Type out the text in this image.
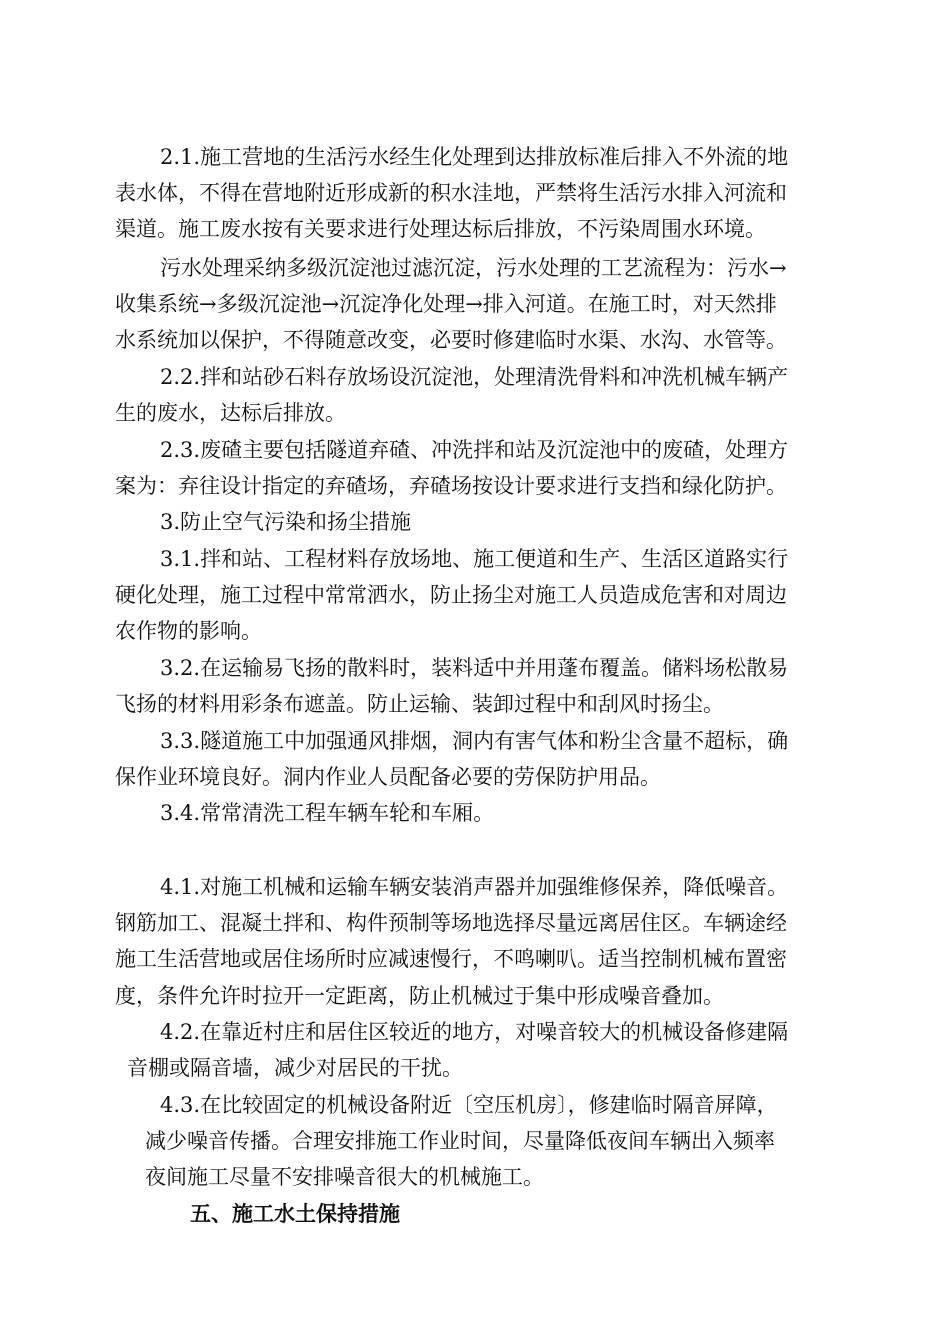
2.1.施工营地的生活污水经生化处理到达排放标准后排入不外流的地
表水体，不得在营地附近形成新的积水洼地，严禁将生活污水排入河流和
渠道。施工废水按有关要求进行处理达标后排放，不污染周围水环境。
污水处理采纳多级沉淀池过滤沉淀，污水处理的工艺流程为：污水→
收集系统→多级沉淀池→沉淀净化处理→排入河道。在施工时，对天然排
水系统加以保护，不得随意改变，必要时修建临时水渠、水沟、水管等。
2.2.拌和站砂石料存放场设沉淀池，处理清洗骨料和冲洗机械车辆产
生的废水，达标后排放。
2.3.废碴主要包括隧道弃碴、冲洗拌和站及沉淀池中的废碴，处理方
案为：弃往设计指定的弃碴场，弃碴场按设计要求进行支挡和绿化防护。
3.防止空气污染和扬尘措施
3.1.拌和站、工程材料存放场地、施工便道和生产、生活区道路实行
硬化处理，施工过程中常常洒水，防止扬尘对施工人员造成危害和对周边
农作物的影响。
3.2.在运输易飞扬的散料时，装料适中并用蓬布覆盖。储料场松散易
飞扬的材料用彩条布遮盖。防止运输、装卸过程中和刮风时扬尘。
3.3.隧道施工中加强通风排烟，洞内有害气体和粉尘含量不超标，确
保作业环境良好。洞内作业人员配备必要的劳保防护用品。
3.4.常常清洗工程车辆车轮和车厢。
4.1.对施工机械和运输车辆安装消声器并加强维修保养，降低噪音。
钢筋加工、混凝土拌和、构件预制等场地选择尽量远离居住区。车辆途经
施工生活营地或居住场所时应减速慢行，不鸣喇叭。适当控制机械布置密
度，条件允许时拉开一定距离，防止机械过于集中形成噪音叠加。
4.2.在靠近村庄和居住区较近的地方，对噪音较大的机械设备修建隔
音棚或隔音墙，减少对居民的干扰。
4.3.在比较固定的机械设备附近〔空压机房〕，修建临时隔音屏障，
减少噪音传播。合理安排施工作业时间，尽量降低夜间车辆出入频率
夜间施工尽量不安排噪音很大的机械施工。
五、施工水土保持措施
